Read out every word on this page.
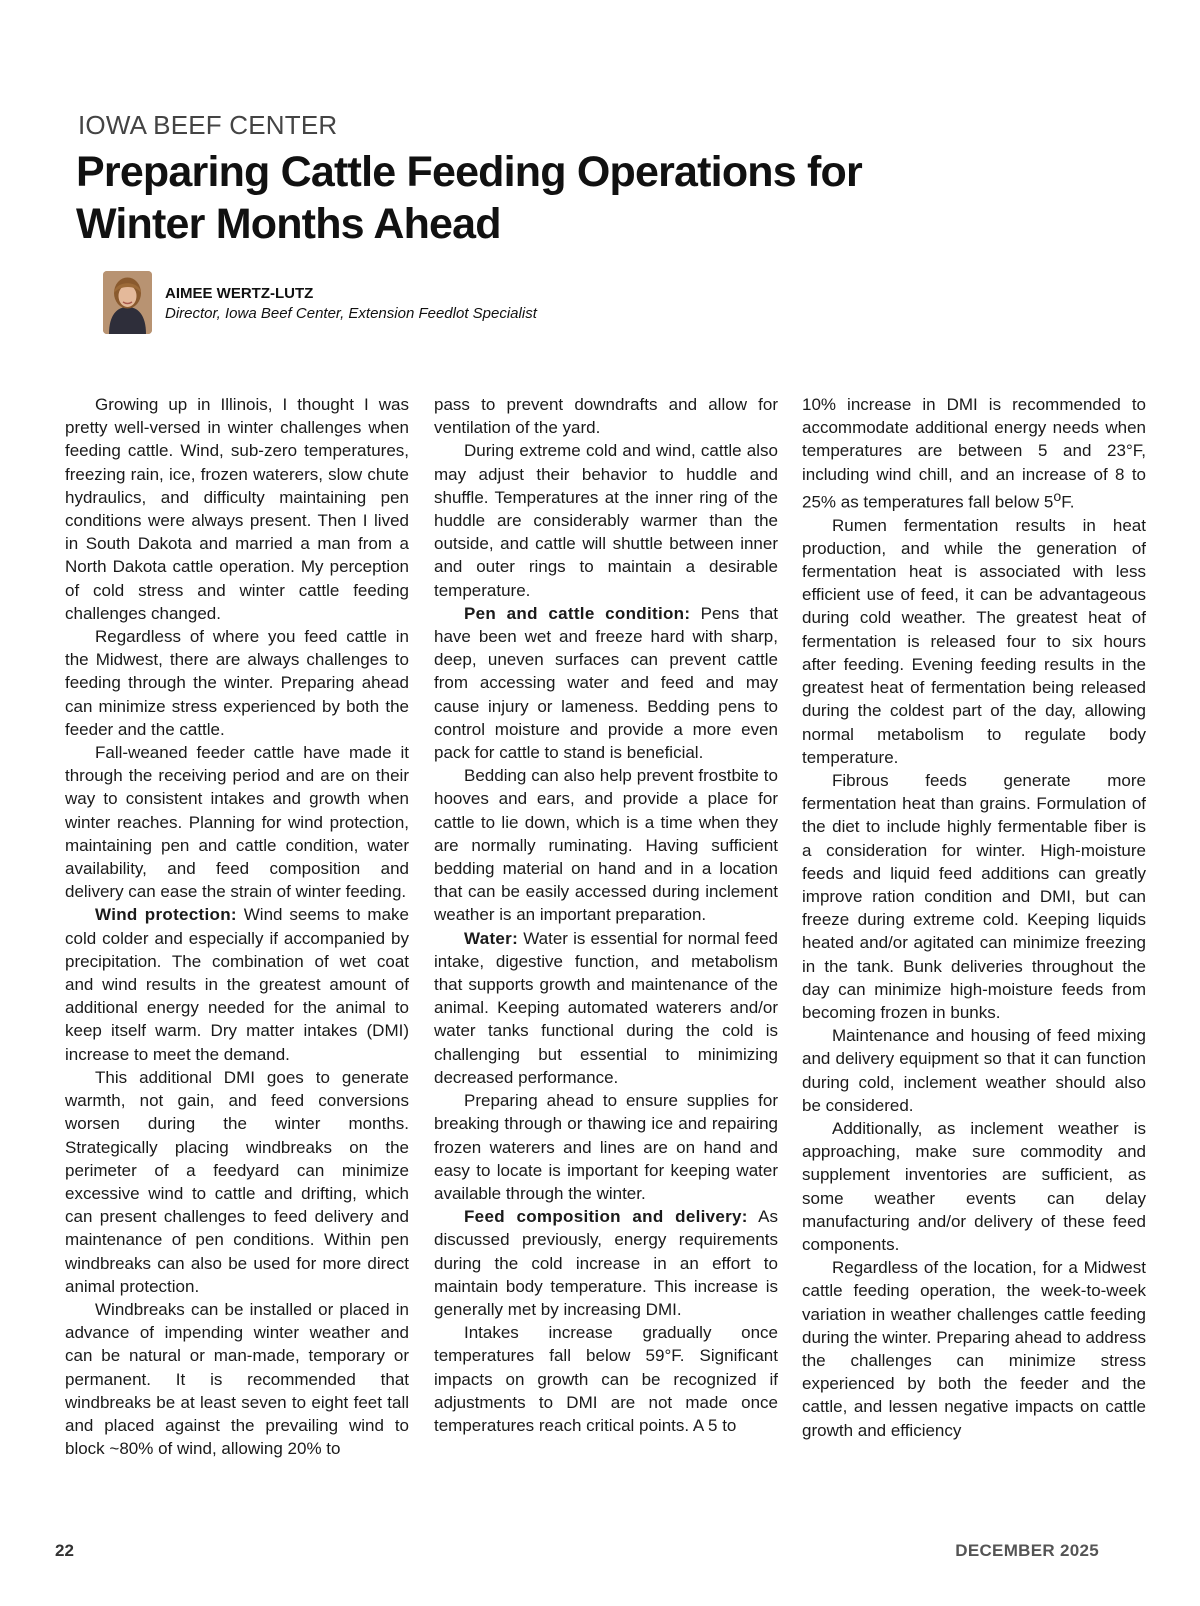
IOWA BEEF CENTER
Preparing Cattle Feeding Operations for Winter Months Ahead
AIMEE WERTZ-LUTZ
Director, Iowa Beef Center, Extension Feedlot Specialist

Growing up in Illinois, I thought I was pretty well-versed in winter challenges when feeding cattle. Wind, sub-zero temperatures, freezing rain, ice, frozen waterers, slow chute hydraulics, and difficulty maintaining pen conditions were always present. Then I lived in South Dakota and married a man from a North Dakota cattle operation. My perception of cold stress and winter cattle feeding challenges changed.

Regardless of where you feed cattle in the Midwest, there are always challenges to feeding through the winter. Preparing ahead can minimize stress experienced by both the feeder and the cattle.

Fall-weaned feeder cattle have made it through the receiving period and are on their way to consistent intakes and growth when winter reaches. Planning for wind protection, maintaining pen and cattle condition, water availability, and feed composition and delivery can ease the strain of winter feeding.

Wind protection: Wind seems to make cold colder and especially if accompanied by precipitation. The combination of wet coat and wind results in the greatest amount of additional energy needed for the animal to keep itself warm. Dry matter intakes (DMI) increase to meet the demand.

This additional DMI goes to generate warmth, not gain, and feed conversions worsen during the winter months. Strategically placing windbreaks on the perimeter of a feedyard can minimize excessive wind to cattle and drifting, which can present challenges to feed delivery and maintenance of pen conditions. Within pen windbreaks can also be used for more direct animal protection.

Windbreaks can be installed or placed in advance of impending winter weather and can be natural or man-made, temporary or permanent. It is recommended that windbreaks be at least seven to eight feet tall and placed against the prevailing wind to block ~80% of wind, allowing 20% to

pass to prevent downdrafts and allow for ventilation of the yard.

During extreme cold and wind, cattle also may adjust their behavior to huddle and shuffle. Temperatures at the inner ring of the huddle are considerably warmer than the outside, and cattle will shuttle between inner and outer rings to maintain a desirable temperature.

Pen and cattle condition: Pens that have been wet and freeze hard with sharp, deep, uneven surfaces can prevent cattle from accessing water and feed and may cause injury or lameness. Bedding pens to control moisture and provide a more even pack for cattle to stand is beneficial.

Bedding can also help prevent frostbite to hooves and ears, and provide a place for cattle to lie down, which is a time when they are normally ruminating. Having sufficient bedding material on hand and in a location that can be easily accessed during inclement weather is an important preparation.

Water: Water is essential for normal feed intake, digestive function, and metabolism that supports growth and maintenance of the animal. Keeping automated waterers and/or water tanks functional during the cold is challenging but essential to minimizing decreased performance.

Preparing ahead to ensure supplies for breaking through or thawing ice and repairing frozen waterers and lines are on hand and easy to locate is important for keeping water available through the winter.

Feed composition and delivery: As discussed previously, energy requirements during the cold increase in an effort to maintain body temperature. This increase is generally met by increasing DMI.

Intakes increase gradually once temperatures fall below 59°F. Significant impacts on growth can be recognized if adjustments to DMI are not made once temperatures reach critical points. A 5 to

10% increase in DMI is recommended to accommodate additional energy needs when temperatures are between 5 and 23°F, including wind chill, and an increase of 8 to 25% as temperatures fall below 5$^o$F.

Rumen fermentation results in heat production, and while the generation of fermentation heat is associated with less efficient use of feed, it can be advantageous during cold weather. The greatest heat of fermentation is released four to six hours after feeding. Evening feeding results in the greatest heat of fermentation being released during the coldest part of the day, allowing normal metabolism to regulate body temperature.

Fibrous feeds generate more fermentation heat than grains. Formulation of the diet to include highly fermentable fiber is a consideration for winter. High-moisture feeds and liquid feed additions can greatly improve ration condition and DMI, but can freeze during extreme cold. Keeping liquids heated and/or agitated can minimize freezing in the tank. Bunk deliveries throughout the day can minimize high-moisture feeds from becoming frozen in bunks.

Maintenance and housing of feed mixing and delivery equipment so that it can function during cold, inclement weather should also be considered.

Additionally, as inclement weather is approaching, make sure commodity and supplement inventories are sufficient, as some weather events can delay manufacturing and/or delivery of these feed components.

Regardless of the location, for a Midwest cattle feeding operation, the week-to-week variation in weather challenges cattle feeding during the winter. Preparing ahead to address the challenges can minimize stress experienced by both the feeder and the cattle, and lessen negative impacts on cattle growth and efficiency

22	DECEMBER 2025
